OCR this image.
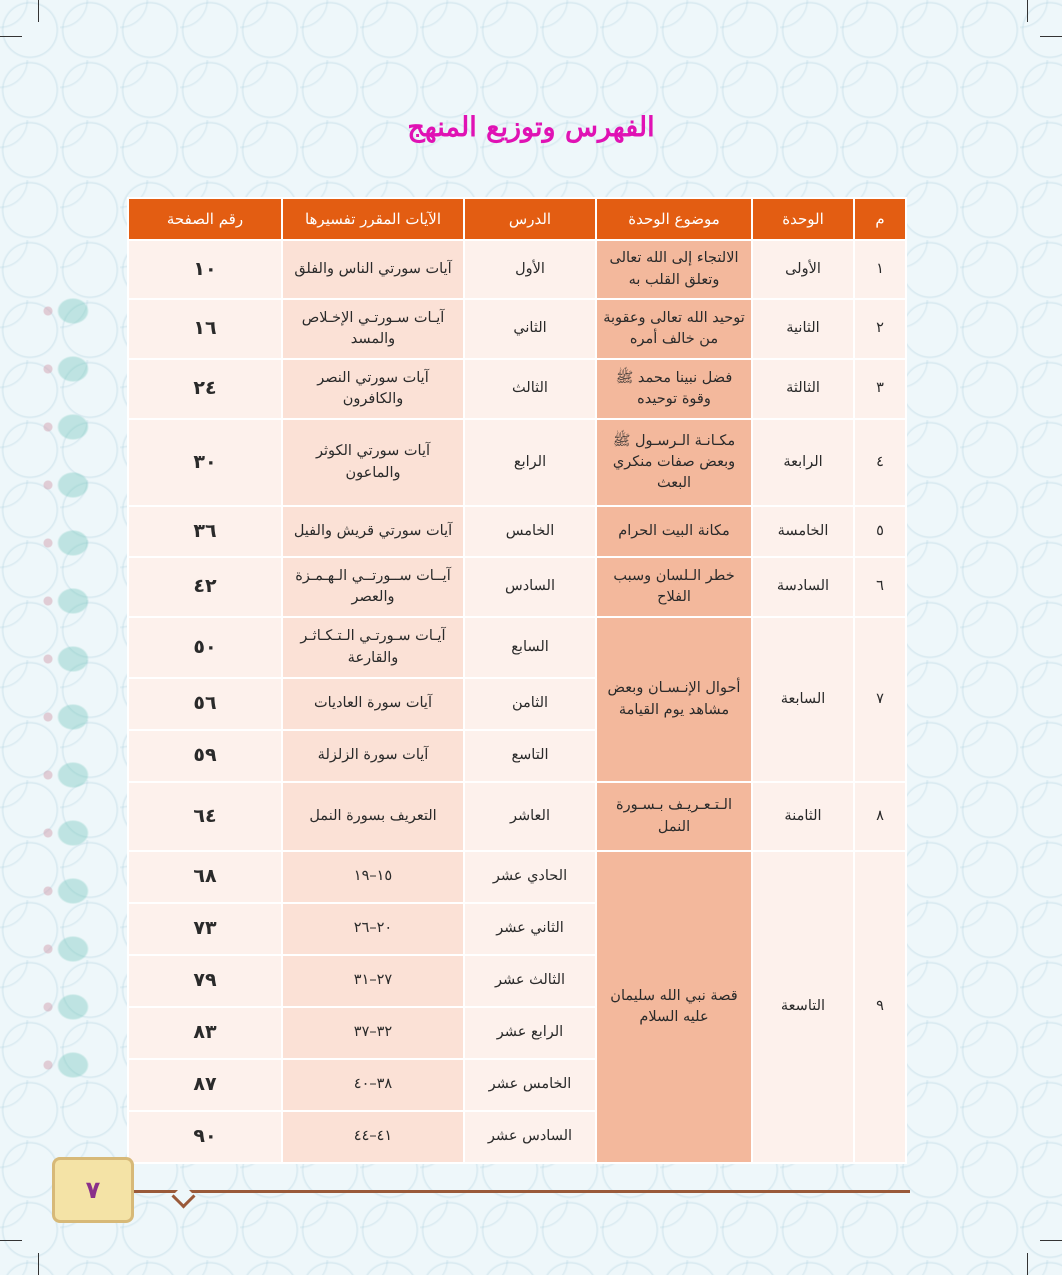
الفهرس وتوزيع المنهج
م	الوحدة	موضوع الوحدة	الدرس	الآيات المقرر تفسيرها	رقم الصفحة
١	الأولى	الالتجاء إلى الله تعالى وتعلق القلب به	الأول	آيات سورتي الناس والفلق	١٠
٢	الثانية	توحيد الله تعالى وعقوبة من خالف أمره	الثاني	آيـات سـورتـي الإخـلاص والمسد	١٦
٣	الثالثة	فضل نبينا محمد ﷺ وقوة توحيده	الثالث	آيات سورتي النصر والكافرون	٢٤
٤	الرابعة	مكـانـة الـرسـول ﷺ وبعض صفات منكري البعث	الرابع	آيات سورتي الكوثر والماعون	٣٠
٥	الخامسة	مكانة البيت الحرام	الخامس	آيات سورتي قريش والفيل	٣٦
٦	السادسة	خطر الـلسان وسبب الفلاح	السادس	آيــات ســورتــي الـهـمـزة والعصر	٤٢
٧	السابعة	أحوال الإنـسـان وبعض مشاهد يوم القيامة	السابع	آيـات سـورتـي الـتـكـاثـر والقارعة	٥٠
			الثامن	آيات سورة العاديات	٥٦
			التاسع	آيات سورة الزلزلة	٥٩
٨	الثامنة	الـتـعـريـف بـسـورة النمل	العاشر	التعريف بسورة النمل	٦٤
٩	التاسعة	قصة نبي الله سليمان عليه السلام	الحادي عشر	١٥–١٩	٦٨
			الثاني عشر	٢٠–٢٦	٧٣
			الثالث عشر	٢٧–٣١	٧٩
			الرابع عشر	٣٢–٣٧	٨٣
			الخامس عشر	٣٨–٤٠	٨٧
			السادس عشر	٤١–٤٤	٩٠
٧
